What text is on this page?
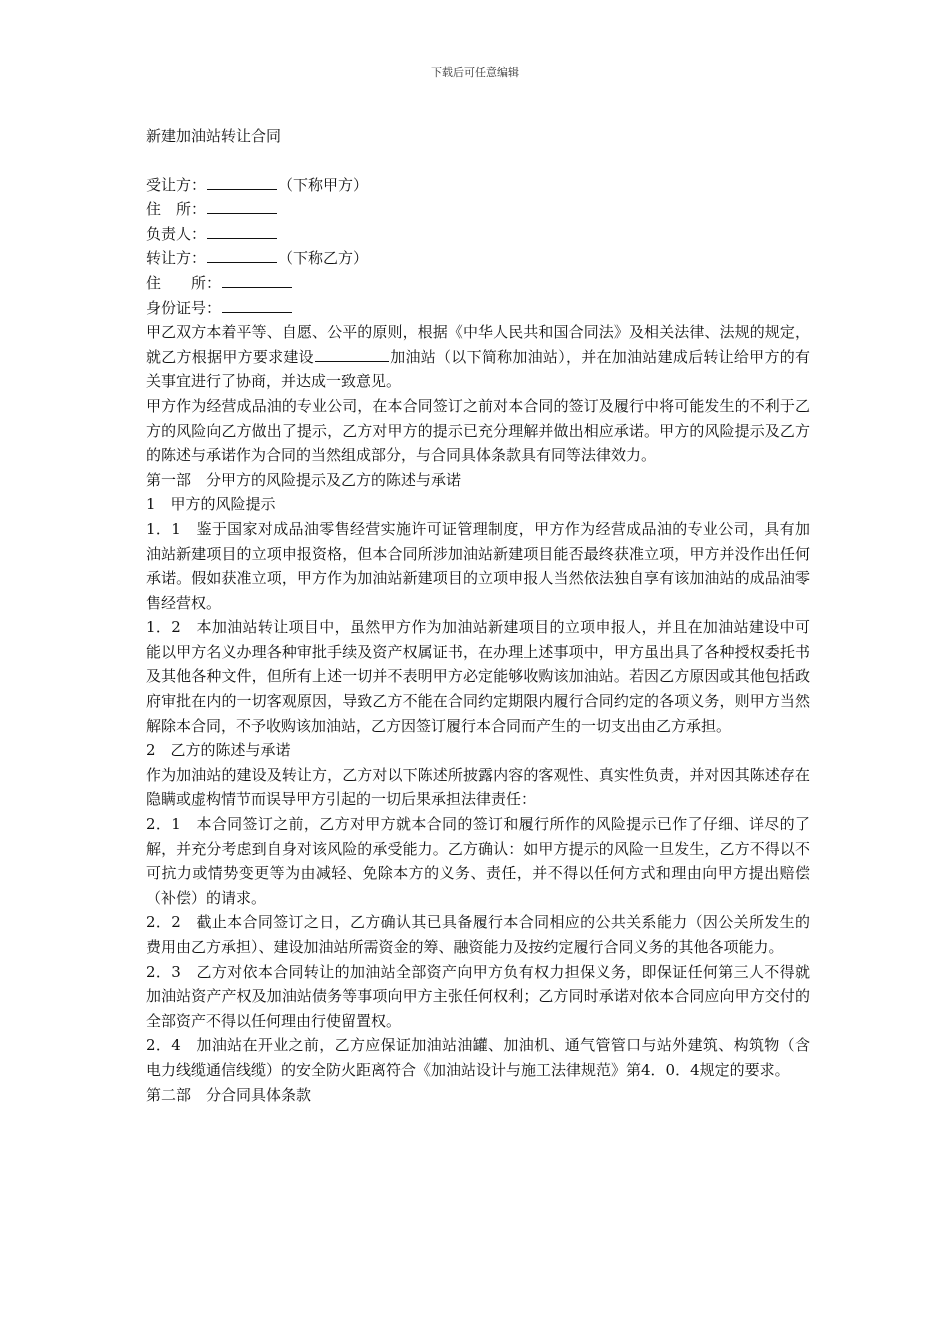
下载后可任意编辑

新建加油站转让合同

受让方：	（下称甲方）

住　所：

负责人：

转让方：	（下称乙方）

住　　所：

身份证号：

甲乙双方本着平等、自愿、公平的原则，根据《中华人民共和国合同法》及相关法律、法规的规定，就乙方根据甲方要求建设	加油站（以下简称加油站），并在加油站建成后转让给甲方的有关事宜进行了协商，并达成一致意见。

甲方作为经营成品油的专业公司，在本合同签订之前对本合同的签订及履行中将可能发生的不利于乙方的风险向乙方做出了提示，乙方对甲方的提示已充分理解并做出相应承诺。甲方的风险提示及乙方的陈述与承诺作为合同的当然组成部分，与合同具体条款具有同等法律效力。

第一部　分甲方的风险提示及乙方的陈述与承诺

1　甲方的风险提示

1．1　鉴于国家对成品油零售经营实施许可证管理制度，甲方作为经营成品油的专业公司，具有加油站新建项目的立项申报资格，但本合同所涉加油站新建项目能否最终获准立项，甲方并没作出任何承诺。假如获准立项，甲方作为加油站新建项目的立项申报人当然依法独自享有该加油站的成品油零售经营权。

1．2　本加油站转让项目中，虽然甲方作为加油站新建项目的立项申报人，并且在加油站建设中可能以甲方名义办理各种审批手续及资产权属证书，在办理上述事项中，甲方虽出具了各种授权委托书及其他各种文件，但所有上述一切并不表明甲方必定能够收购该加油站。若因乙方原因或其他包括政府审批在内的一切客观原因，导致乙方不能在合同约定期限内履行合同约定的各项义务，则甲方当然解除本合同，不予收购该加油站，乙方因签订履行本合同而产生的一切支出由乙方承担。

2　乙方的陈述与承诺

作为加油站的建设及转让方，乙方对以下陈述所披露内容的客观性、真实性负责，并对因其陈述存在隐瞒或虚构情节而误导甲方引起的一切后果承担法律责任：

2．1　本合同签订之前，乙方对甲方就本合同的签订和履行所作的风险提示已作了仔细、详尽的了解，并充分考虑到自身对该风险的承受能力。乙方确认：如甲方提示的风险一旦发生，乙方不得以不可抗力或情势变更等为由减轻、免除本方的义务、责任，并不得以任何方式和理由向甲方提出赔偿（补偿）的请求。

2．2　截止本合同签订之日，乙方确认其已具备履行本合同相应的公共关系能力（因公关所发生的费用由乙方承担）、建设加油站所需资金的筹、融资能力及按约定履行合同义务的其他各项能力。

2．3　乙方对依本合同转让的加油站全部资产向甲方负有权力担保义务，即保证任何第三人不得就加油站资产产权及加油站债务等事项向甲方主张任何权利；乙方同时承诺对依本合同应向甲方交付的全部资产不得以任何理由行使留置权。

2．4　加油站在开业之前，乙方应保证加油站油罐、加油机、通气管管口与站外建筑、构筑物（含电力线缆通信线缆）的安全防火距离符合《加油站设计与施工法律规范》第4．0．4规定的要求。

第二部　分合同具体条款
